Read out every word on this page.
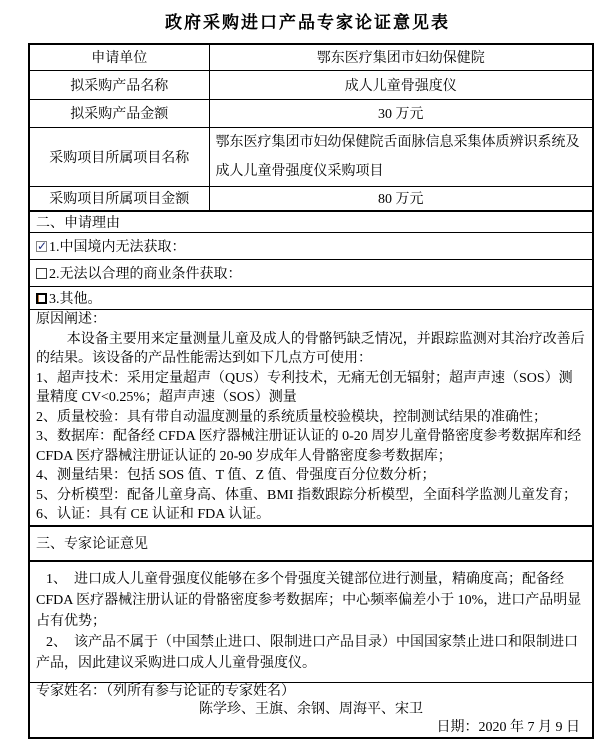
政府采购进口产品专家论证意见表
申请单位	鄂东医疗集团市妇幼保健院
拟采购产品名称	成人儿童骨强度仪
拟采购产品金额	30 万元
采购项目所属项目名称	鄂东医疗集团市妇幼保健院舌面脉信息采集体质辨识系统及成人儿童骨强度仪采购项目
采购项目所属项目金额	80 万元
二、申请理由	
✓1.中国境内无法获取：
2.无法以合理的商业条件获取：	
3.其他。	

原因阐述：
本设备主要用来定量测量儿童及成人的骨骼钙缺乏情况，并跟踪监测对其治疗改善后的结果。该设备的产品性能需达到如下几点方可使用：
1、超声技术：采用定量超声（QUS）专利技术，无痛无创无辐射；超声声速（SOS）测量精度 CV<0.25%；超声声速（SOS）测量
2、质量校验：具有带自动温度测量的系统质量校验模块，控制测试结果的准确性；
3、数据库：配备经 CFDA 医疗器械注册证认证的 0-20 周岁儿童骨骼密度参考数据库和经 CFDA 医疗器械注册证认证的 20-90 岁成年人骨骼密度参考数据库；
4、测量结果：包括 SOS 值、T 值、Z 值、骨强度百分位数分析；
5、分析模型：配备儿童身高、体重、BMI 指数跟踪分析模型，全面科学监测儿童发育；
6、认证：具有 CE 认证和 FDA 认证。

三、专家论证意见	

1、　进口成人儿童骨强度仪能够在多个骨强度关键部位进行测量，精确度高；配备经 CFDA 医疗器械注册认证的骨骼密度参考数据库；中心频率偏差小于 10%，进口产品明显占有优势；
2、　该产品不属于（中国禁止进口、限制进口产品目录）中国国家禁止进口和限制进口产品，因此建议采购进口成人儿童骨强度仪。	

专家姓名：（列所有参与论证的专家姓名）
陈学珍、王旗、余钢、周海平、宋卫
日期：2020 年 7 月 9 日	
